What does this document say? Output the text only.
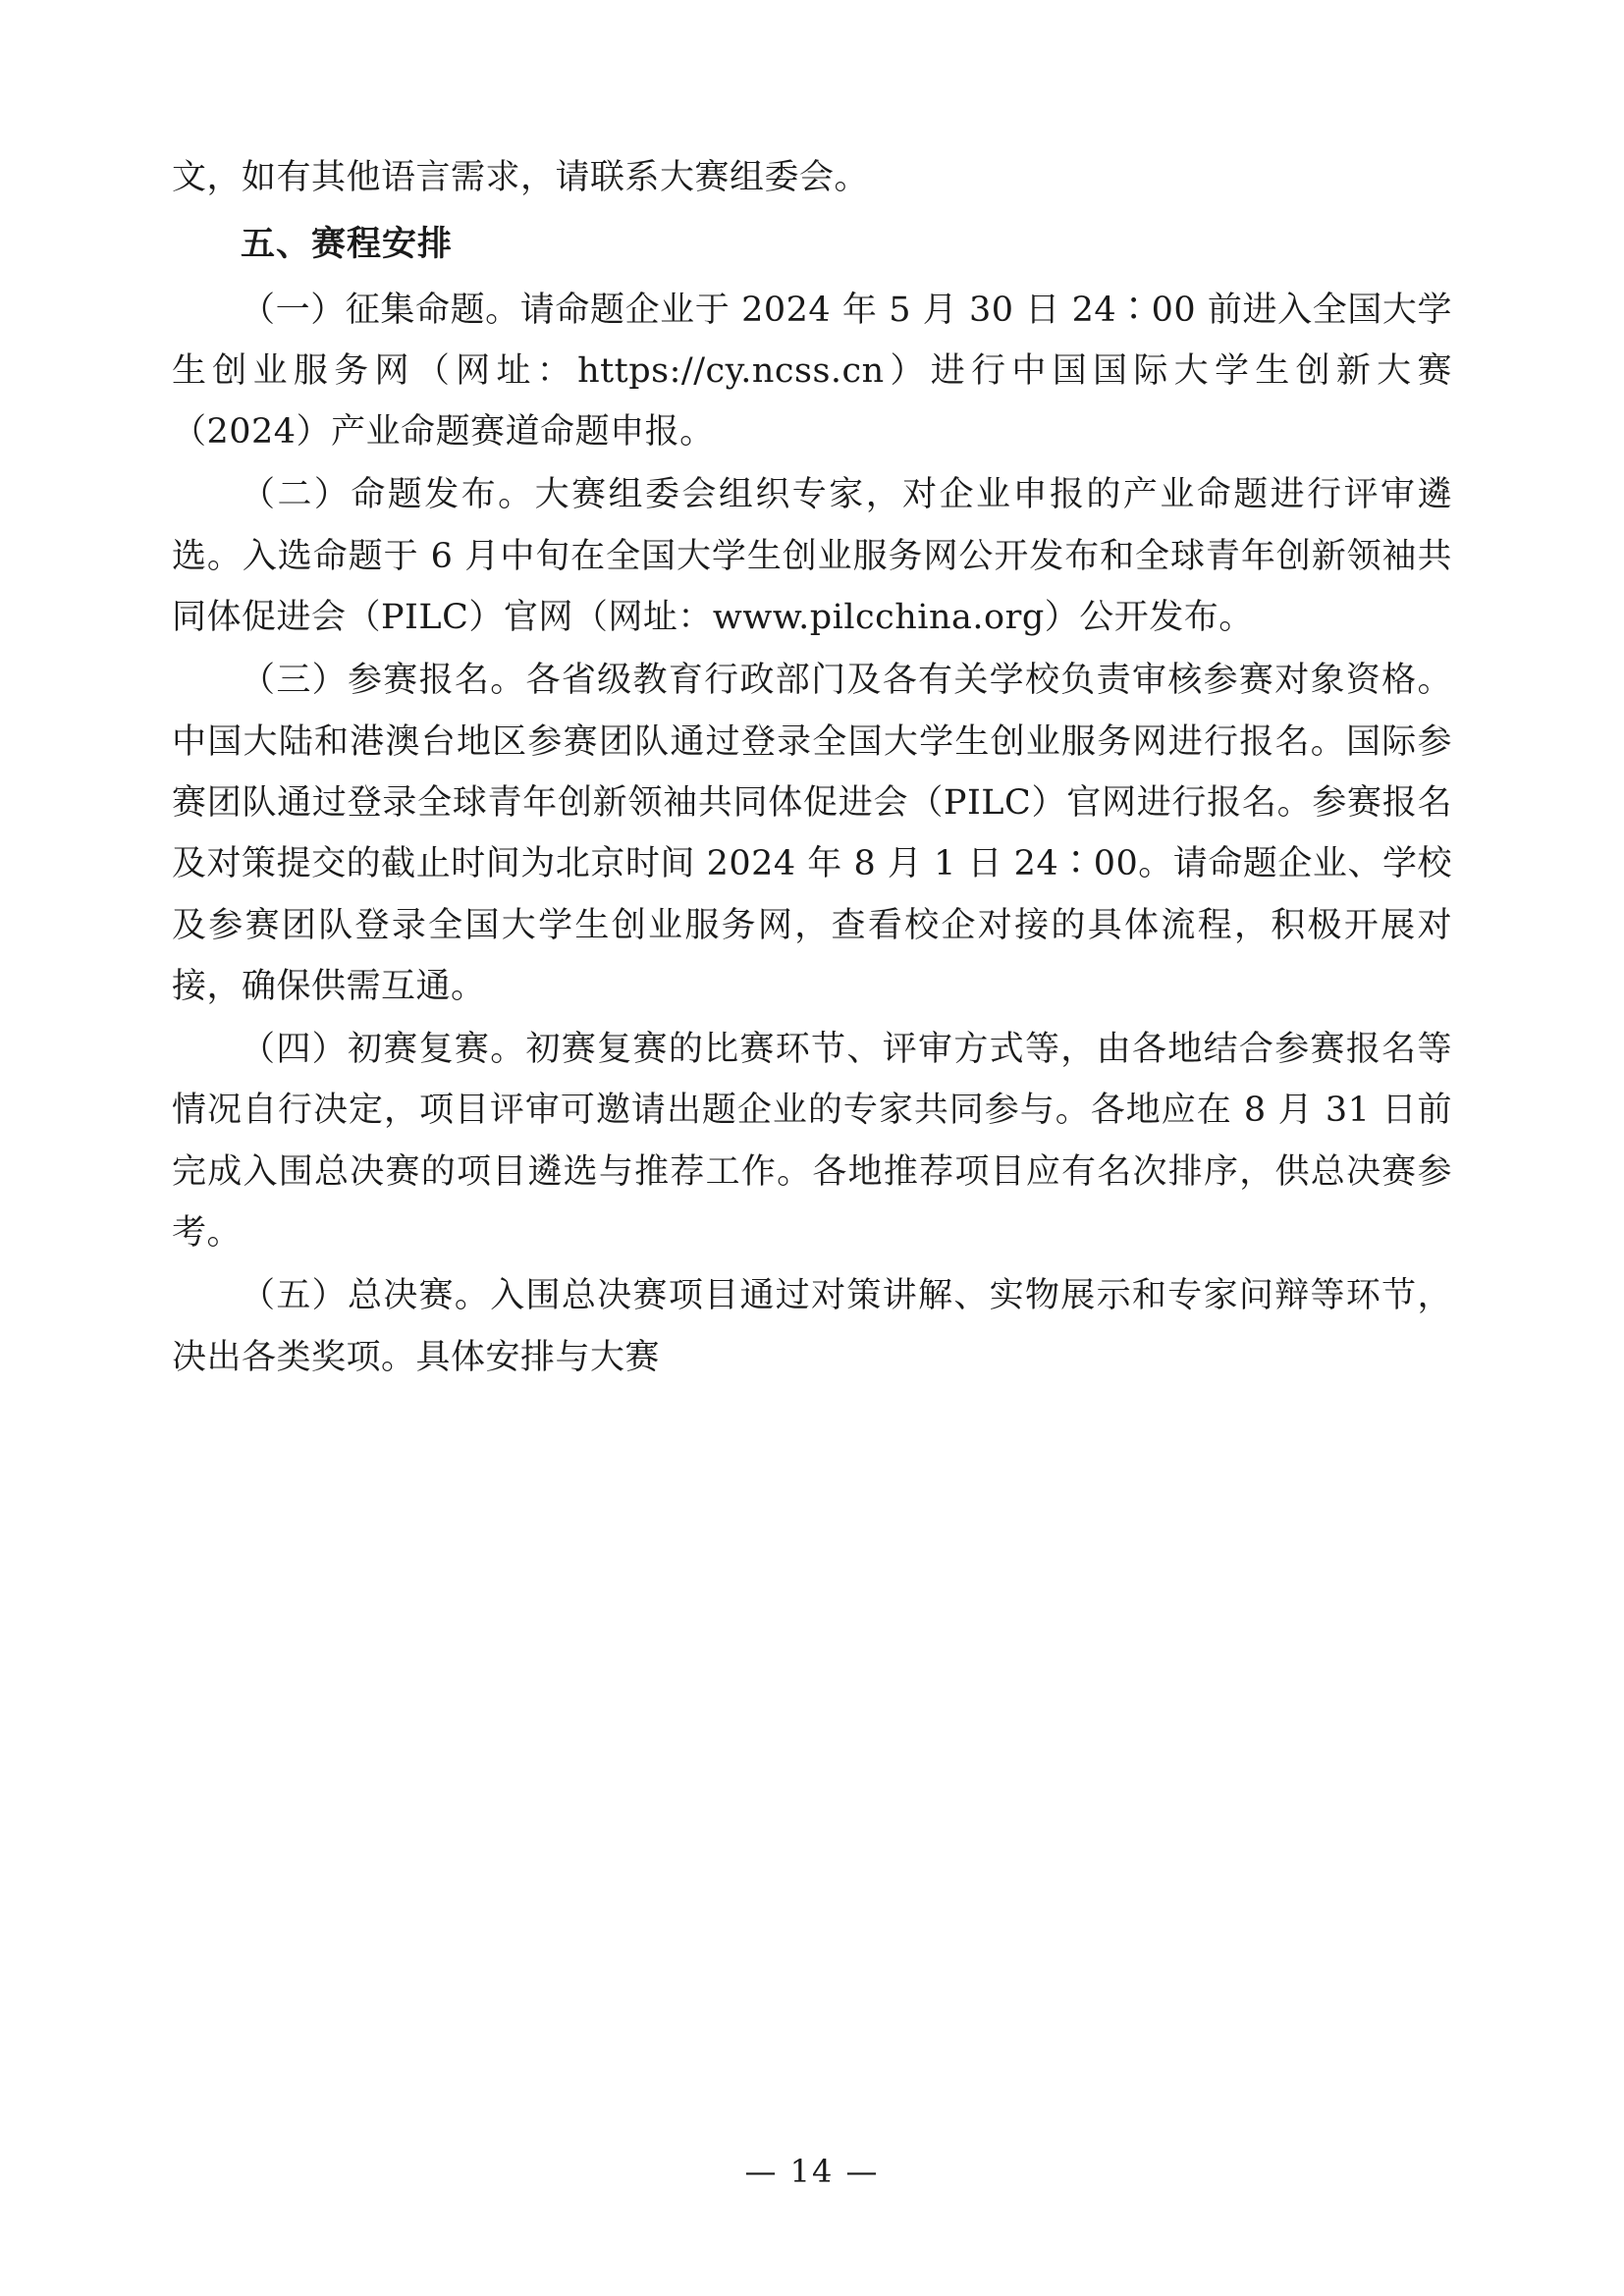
文，如有其他语言需求，请联系大赛组委会。

五、赛程安排

（一）征集命题。请命题企业于 2024 年 5 月 30 日 24∶00 前进入全国大学生创业服务网（网址：https://cy.ncss.cn）进行中国国际大学生创新大赛（2024）产业命题赛道命题申报。

（二）命题发布。大赛组委会组织专家，对企业申报的产业命题进行评审遴选。入选命题于 6 月中旬在全国大学生创业服务网公开发布和全球青年创新领袖共同体促进会（PILC）官网（网址：www.pilcchina.org）公开发布。

（三）参赛报名。各省级教育行政部门及各有关学校负责审核参赛对象资格。中国大陆和港澳台地区参赛团队通过登录全国大学生创业服务网进行报名。国际参赛团队通过登录全球青年创新领袖共同体促进会（PILC）官网进行报名。参赛报名及对策提交的截止时间为北京时间 2024 年 8 月 1 日 24∶00。请命题企业、学校及参赛团队登录全国大学生创业服务网，查看校企对接的具体流程，积极开展对接，确保供需互通。

（四）初赛复赛。初赛复赛的比赛环节、评审方式等，由各地结合参赛报名等情况自行决定，项目评审可邀请出题企业的专家共同参与。各地应在 8 月 31 日前完成入围总决赛的项目遴选与推荐工作。各地推荐项目应有名次排序，供总决赛参考。

（五）总决赛。入围总决赛项目通过对策讲解、实物展示和专家问辩等环节，决出各类奖项。具体安排与大赛

— 14 —
